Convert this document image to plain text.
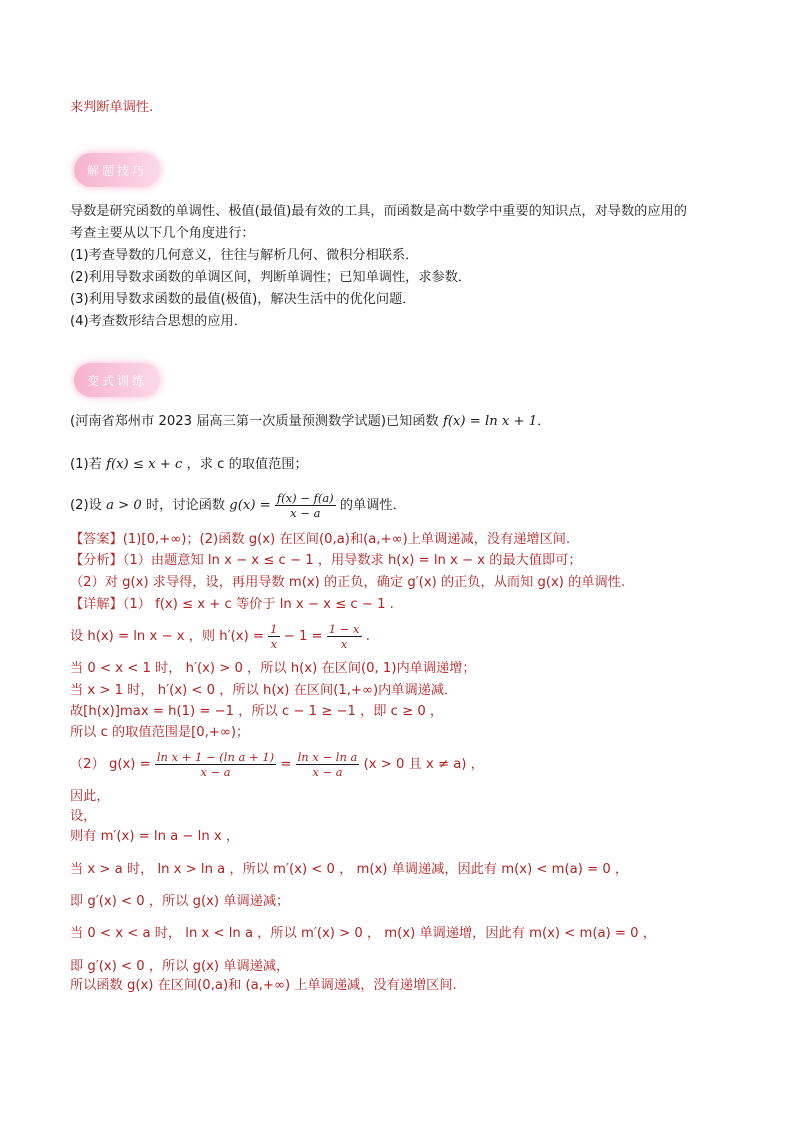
来判断单调性.
解题技巧
导数是研究函数的单调性、极值(最值)最有效的工具，而函数是高中数学中重要的知识点，对导数的应用的
考查主要从以下几个角度进行：
(1)考查导数的几何意义，往往与解析几何、微积分相联系．
(2)利用导数求函数的单调区间，判断单调性；已知单调性，求参数．
(3)利用导数求函数的最值(极值)，解决生活中的优化问题．
(4)考查数形结合思想的应用．
变式训练
(河南省郑州市 2023 届高三第一次质量预测数学试题)已知函数 f(x) = ln x + 1．
(1)若 f(x) ≤ x + c ，求 c 的取值范围；
(2)设 a > 0 时，讨论函数 $g(x) = \frac{f(x) - f(a)}{x - a}$ 的单调性．
【答案】(1)[0,+∞)；(2)函数 g(x) 在区间(0,a)和(a,+∞)上单调递减，没有递增区间.
【分析】（1）由题意知 ln x − x ≤ c − 1 ，用导数求 h(x) = ln x − x 的最大值即可；
（2）对 g(x) 求导得，设，再用导数 m(x) 的正负，确定 g′(x) 的正负，从而知 g(x) 的单调性.
【详解】（1） f(x) ≤ x + c 等价于 ln x − x ≤ c − 1 .
设 h(x) = ln x − x ，则 $h'(x) = \frac{1}{x} - 1 = \frac{1 - x}{x}$ .
当 0 < x < 1 时， h′(x) > 0 ，所以 h(x) 在区间(0, 1)内单调递增；
当 x > 1 时， h′(x) < 0 ，所以 h(x) 在区间(1,+∞)内单调递减．
故[h(x)]max = h(1) = −1 ，所以 c − 1 ≥ −1 ，即 c ≥ 0 ，
所以 c 的取值范围是[0,+∞)；
（2） $g(x) = \frac{\text{ln x + 1 − (ln a + 1)}}{x - a} = \frac{\text{ln x − ln a}}{x - a} (x > 0$ 且 x ≠ a) ，
因此，
设，
则有 m′(x) = ln a − ln x ，
当 x > a 时， ln x > ln a ，所以 m′(x) < 0 ， m(x) 单调递减，因此有 m(x) < m(a) = 0 ，
即 g′(x) < 0 ，所以 g(x) 单调递减；
当 0 < x < a 时， ln x < ln a ，所以 m′(x) > 0 ， m(x) 单调递增，因此有 m(x) < m(a) = 0 ，
即 g′(x) < 0 ，所以 g(x) 单调递减，
所以函数 g(x) 在区间(0,a)和 (a,+∞) 上单调递减，没有递增区间.
